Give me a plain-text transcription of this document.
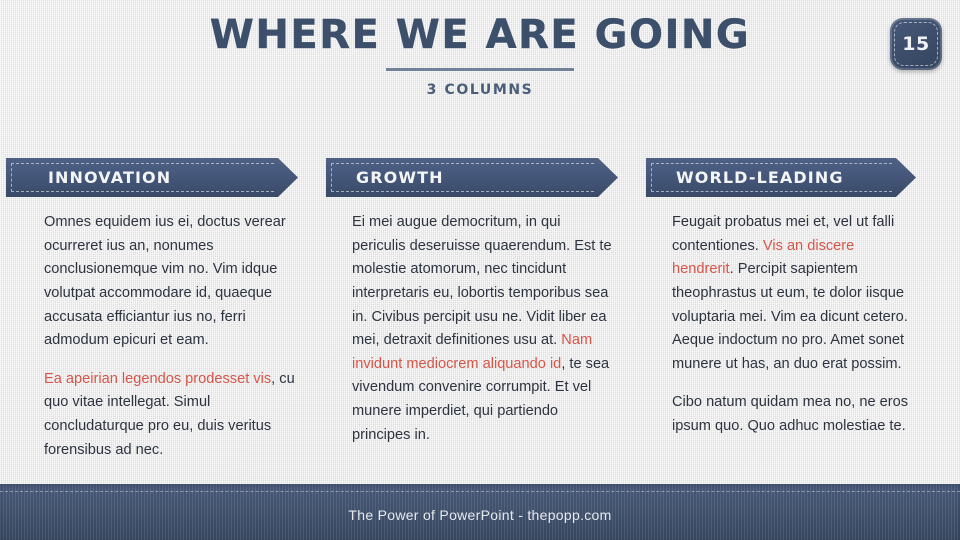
WHERE WE ARE GOING
3 COLUMNS
15
INNOVATION

Omnes equidem ius ei, doctus verear ocurreret ius an, nonumes conclusionemque vim no. Vim idque volutpat accommodare id, quaeque accusata efficiantur ius no, ferri admodum epicuri et eam.

Ea apeirian legendos prodesset vis, cu quo vitae intellegat. Simul concludaturque pro eu, duis veritus forensibus ad nec.

GROWTH

Ei mei augue democritum, in qui periculis deseruisse quaerendum. Est te molestie atomorum, nec tincidunt interpretaris eu, lobortis temporibus sea in. Civibus percipit usu ne. Vidit liber ea mei, detraxit definitiones usu at. Nam invidunt mediocrem aliquando id, te sea vivendum convenire corrumpit. Et vel munere imperdiet, qui partiendo principes in.

WORLD-LEADING

Feugait probatus mei et, vel ut falli contentiones. Vis an discere hendrerit. Percipit sapientem theophrastus ut eum, te dolor iisque voluptaria mei. Vim ea dicunt cetero. Aeque indoctum no pro. Amet sonet munere ut has, an duo erat possim.

Cibo natum quidam mea no, ne eros ipsum quo. Quo adhuc molestiae te.

The Power of PowerPoint - thepopp.com
